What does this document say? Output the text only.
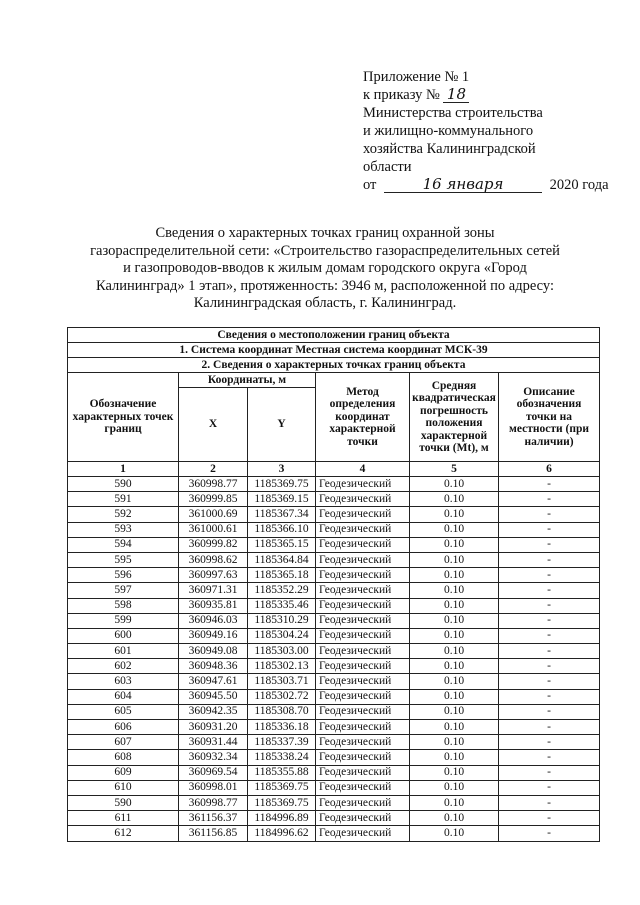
Приложение № 1
к приказу № 18
Министерства строительства
и жилищно-коммунального
хозяйства Калининградской
области
от	16 января	2020 года
Сведения о характерных точках границ охранной зоны
газораспределительной сети: «Строительство газораспределительных сетей
и газопроводов-вводов к жилым домам городского округа «Город
Калининград» 1 этап», протяженность: 3946 м, расположенной по адресу:
Калининградская область, г. Калининград.
Сведения о местоположении границ объекта					
1. Система координат Местная система координат МСК-39					
2. Сведения о характерных точках границ объекта					
Обозначение характерных точек границ	Координаты, м		Метод определения координат характерной точки	Средняя квадратическая погрешность положения характерной точки (Mt), м	Описание обозначения точки на местности (при наличии)
	X	Y			
1	2	3	4	5	6
590	360998.77	1185369.75	Геодезический	0.10	-
591	360999.85	1185369.15	Геодезический	0.10	-
592	361000.69	1185367.34	Геодезический	0.10	-
593	361000.61	1185366.10	Геодезический	0.10	-
594	360999.82	1185365.15	Геодезический	0.10	-
595	360998.62	1185364.84	Геодезический	0.10	-
596	360997.63	1185365.18	Геодезический	0.10	-
597	360971.31	1185352.29	Геодезический	0.10	-
598	360935.81	1185335.46	Геодезический	0.10	-
599	360946.03	1185310.29	Геодезический	0.10	-
600	360949.16	1185304.24	Геодезический	0.10	-
601	360949.08	1185303.00	Геодезический	0.10	-
602	360948.36	1185302.13	Геодезический	0.10	-
603	360947.61	1185303.71	Геодезический	0.10	-
604	360945.50	1185302.72	Геодезический	0.10	-
605	360942.35	1185308.70	Геодезический	0.10	-
606	360931.20	1185336.18	Геодезический	0.10	-
607	360931.44	1185337.39	Геодезический	0.10	-
608	360932.34	1185338.24	Геодезический	0.10	-
609	360969.54	1185355.88	Геодезический	0.10	-
610	360998.01	1185369.75	Геодезический	0.10	-
590	360998.77	1185369.75	Геодезический	0.10	-
611	361156.37	1184996.89	Геодезический	0.10	-
612	361156.85	1184996.62	Геодезический	0.10	-
